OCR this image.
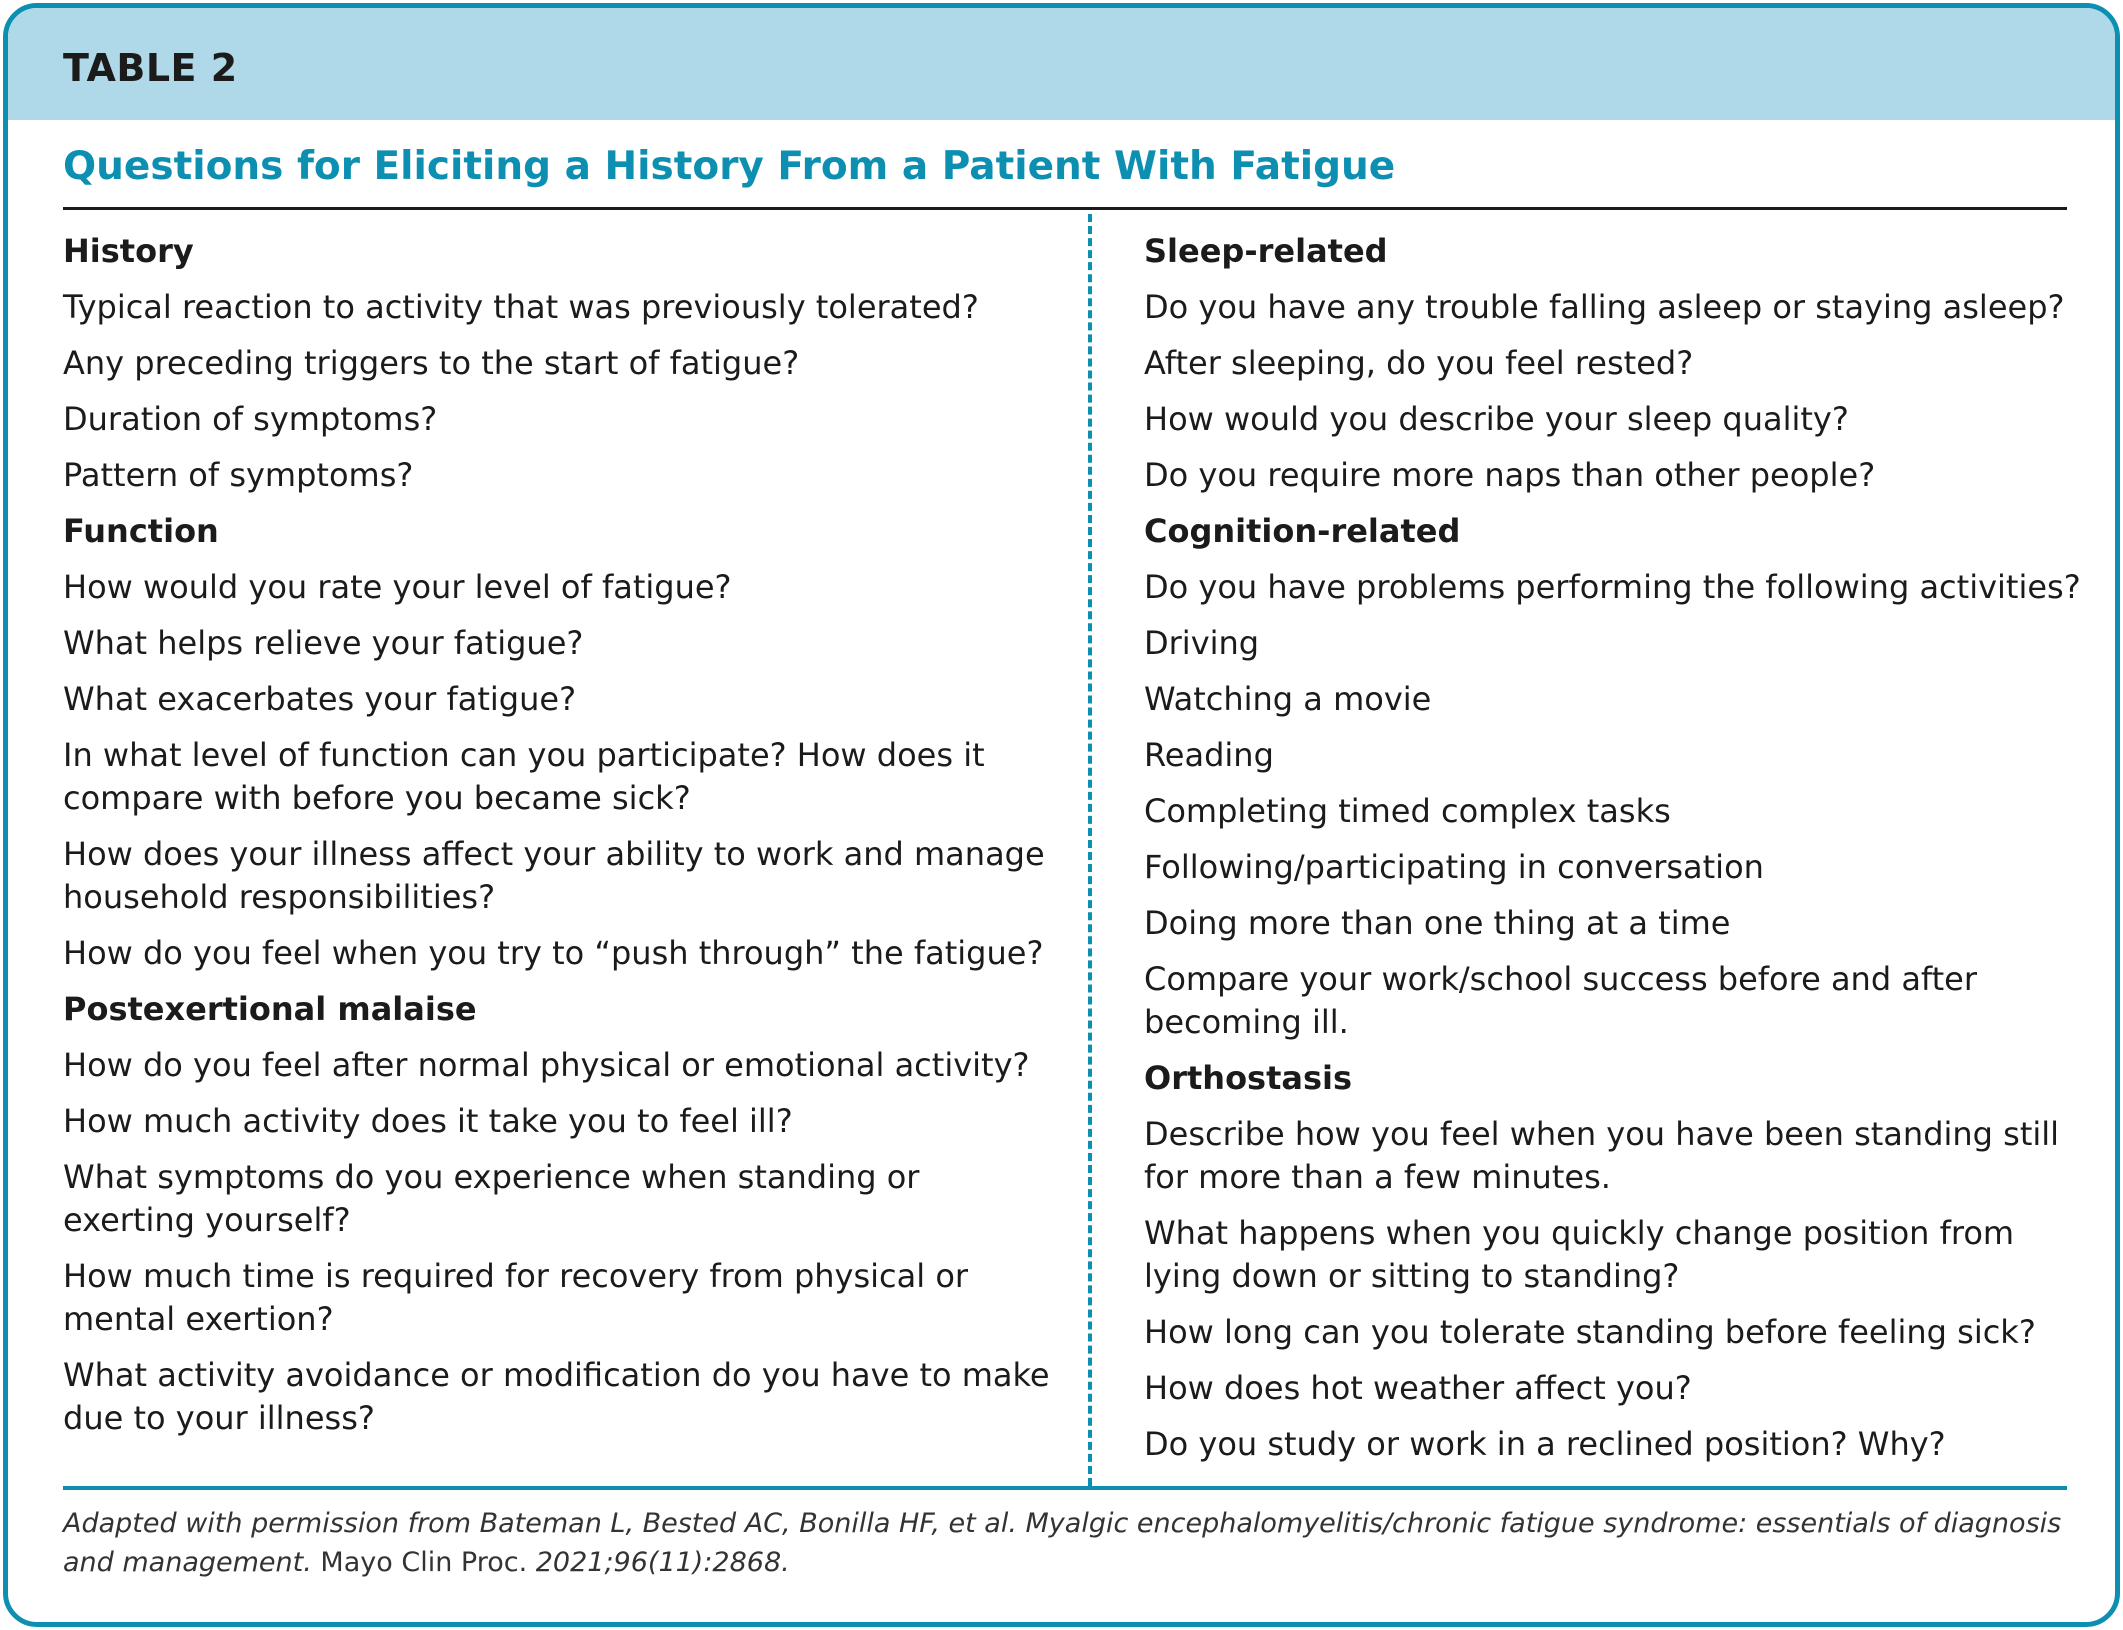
TABLE 2
Questions for Eliciting a History From a Patient With Fatigue
History
Typical reaction to activity that was previously tolerated?
Any preceding triggers to the start of fatigue?
Duration of symptoms?
Pattern of symptoms?
Function
How would you rate your level of fatigue?
What helps relieve your fatigue?
What exacerbates your fatigue?
In what level of function can you participate? How does it compare with before you became sick?
How does your illness affect your ability to work and manage household responsibilities?
How do you feel when you try to “push through” the fatigue?
Postexertional malaise
How do you feel after normal physical or emotional activity?
How much activity does it take you to feel ill?
What symptoms do you experience when standing or exerting yourself?
How much time is required for recovery from physical or mental exertion?
What activity avoidance or modification do you have to make due to your illness?
Sleep-related
Do you have any trouble falling asleep or staying asleep?
After sleeping, do you feel rested?
How would you describe your sleep quality?
Do you require more naps than other people?
Cognition-related
Do you have problems performing the following activities?
Driving
Watching a movie
Reading
Completing timed complex tasks
Following/participating in conversation
Doing more than one thing at a time
Compare your work/school success before and after becoming ill.
Orthostasis
Describe how you feel when you have been standing still for more than a few minutes.
What happens when you quickly change position from lying down or sitting to standing?
How long can you tolerate standing before feeling sick?
How does hot weather affect you?
Do you study or work in a reclined position? Why?
Adapted with permission from Bateman L, Bested AC, Bonilla HF, et al. Myalgic encephalomyelitis/chronic fatigue syndrome: essentials of diagnosis and management. Mayo Clin Proc. 2021;96(11):2868.
